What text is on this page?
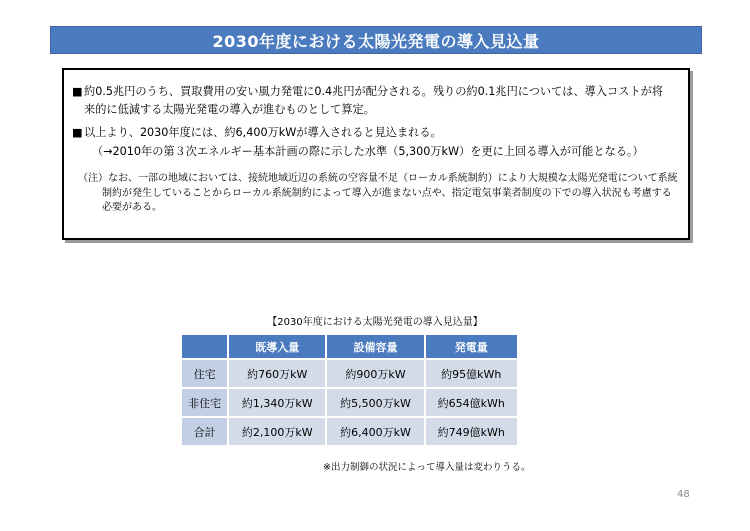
2030年度における太陽光発電の導入見込量
■約0.5兆円のうち、買取費用の安い風力発電に0.4兆円が配分される。残りの約0.1兆円については、導入コストが将
来的に低減する太陽光発電の導入が進むものとして算定。
■以上より、2030年度には、約6,400万kWが導入されると見込まれる。
（→2010年の第３次エネルギー基本計画の際に示した水準（5,300万kW）を更に上回る導入が可能となる。）
（注）なお、一部の地域においては、接続地域近辺の系統の空容量不足（ローカル系統制約）により大規模な太陽光発電について系統
制約が発生していることからローカル系統制約によって導入が進まない点や、指定電気事業者制度の下での導入状況も考慮する
必要がある。
【2030年度における太陽光発電の導入見込量】
	既導入量	設備容量	発電量
住宅	約760万kW	約900万kW	約95億kWh
非住宅	約1,340万kW	約5,500万kW	約654億kWh
合計	約2,100万kW	約6,400万kW	約749億kWh
※出力制御の状況によって導入量は変わりうる。
48
